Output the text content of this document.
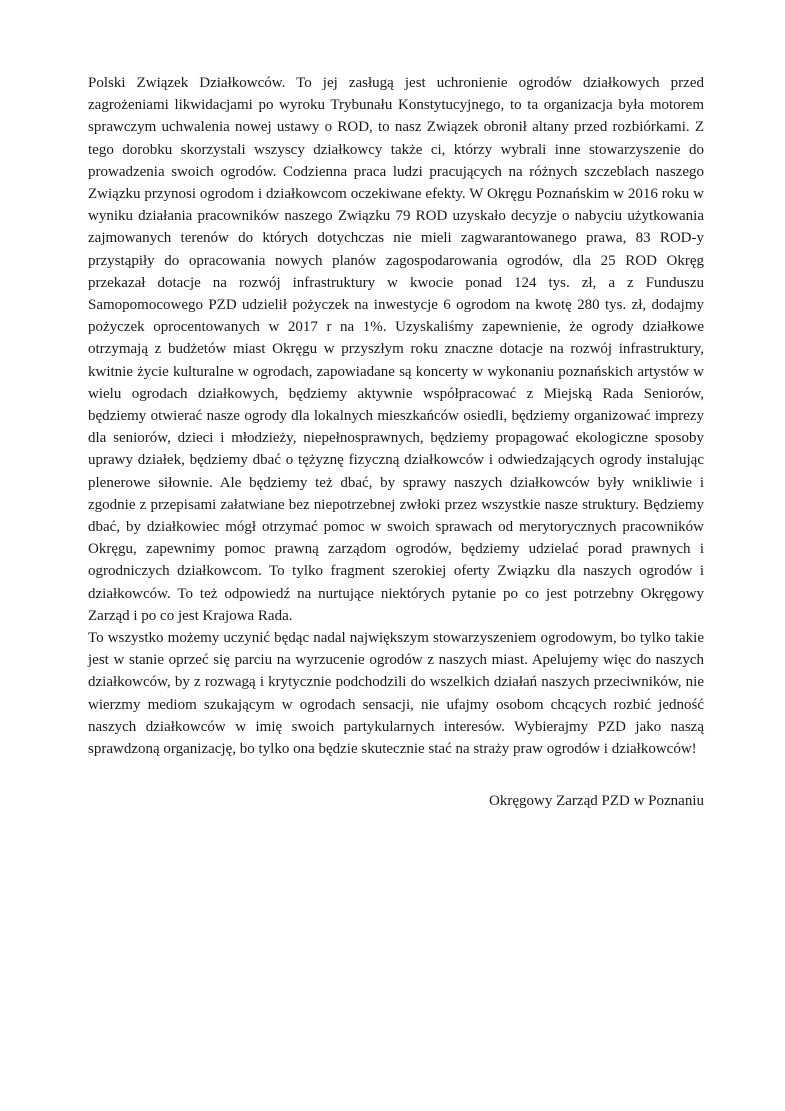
Polski Związek Działkowców. To jej zasługą jest uchronienie ogrodów działkowych przed zagrożeniami likwidacjami po wyroku Trybunału Konstytucyjnego, to ta organizacja była motorem sprawczym uchwalenia nowej ustawy o ROD, to nasz Związek obronił altany przed rozbiórkami. Z tego dorobku skorzystali wszyscy działkowcy także ci, którzy wybrali inne stowarzyszenie do prowadzenia swoich ogrodów. Codzienna praca ludzi pracujących na różnych szczeblach naszego Związku przynosi ogrodom i działkowcom oczekiwane efekty. W Okręgu Poznańskim w 2016 roku w wyniku działania pracowników naszego Związku 79 ROD uzyskało decyzje o nabyciu użytkowania zajmowanych terenów do których dotychczas nie mieli zagwarantowanego prawa, 83 ROD-y przystąpiły do opracowania nowych planów zagospodarowania ogrodów, dla 25 ROD Okręg przekazał dotacje na rozwój infrastruktury w kwocie ponad 124 tys. zł, a z Funduszu Samopomocowego PZD udzielił pożyczek na inwestycje 6 ogrodom na kwotę 280 tys. zł, dodajmy pożyczek oprocentowanych w 2017 r na 1%. Uzyskaliśmy zapewnienie, że ogrody działkowe otrzymają z budżetów miast Okręgu w przyszłym roku znaczne dotacje na rozwój infrastruktury, kwitnie życie kulturalne w ogrodach, zapowiadane są koncerty w wykonaniu poznańskich artystów w wielu ogrodach działkowych, będziemy aktywnie współpracować z Miejską Rada Seniorów, będziemy otwierać nasze ogrody dla lokalnych mieszkańców osiedli, będziemy organizować imprezy dla seniorów, dzieci i młodzieży, niepełnosprawnych, będziemy propagować ekologiczne sposoby uprawy działek, będziemy dbać o tężyznę fizyczną działkowców i odwiedzających ogrody instalując plenerowe siłownie. Ale będziemy też dbać, by sprawy naszych działkowców były wnikliwie i zgodnie z przepisami załatwiane bez niepotrzebnej zwłoki przez wszystkie nasze struktury. Będziemy dbać, by działkowiec mógł otrzymać pomoc w swoich sprawach od merytorycznych pracowników Okręgu, zapewnimy pomoc prawną zarządom ogrodów, będziemy udzielać porad prawnych i ogrodniczych działkowcom. To tylko fragment szerokiej oferty Związku dla naszych ogrodów i działkowców. To też odpowiedź na nurtujące niektórych pytanie po co jest potrzebny Okręgowy Zarząd i po co jest Krajowa Rada.

To wszystko możemy uczynić będąc nadal największym stowarzyszeniem ogrodowym, bo tylko takie jest w stanie oprzeć się parciu na wyrzucenie ogrodów z naszych miast. Apelujemy więc do naszych działkowców, by z rozwagą i krytycznie podchodzili do wszelkich działań naszych przeciwników, nie wierzmy mediom szukającym w ogrodach sensacji, nie ufajmy osobom chcących rozbić jedność naszych działkowców w imię swoich partykularnych interesów. Wybierajmy PZD jako naszą sprawdzoną organizację, bo tylko ona będzie skutecznie stać na straży praw ogrodów i działkowców!

Okręgowy Zarząd PZD w Poznaniu
